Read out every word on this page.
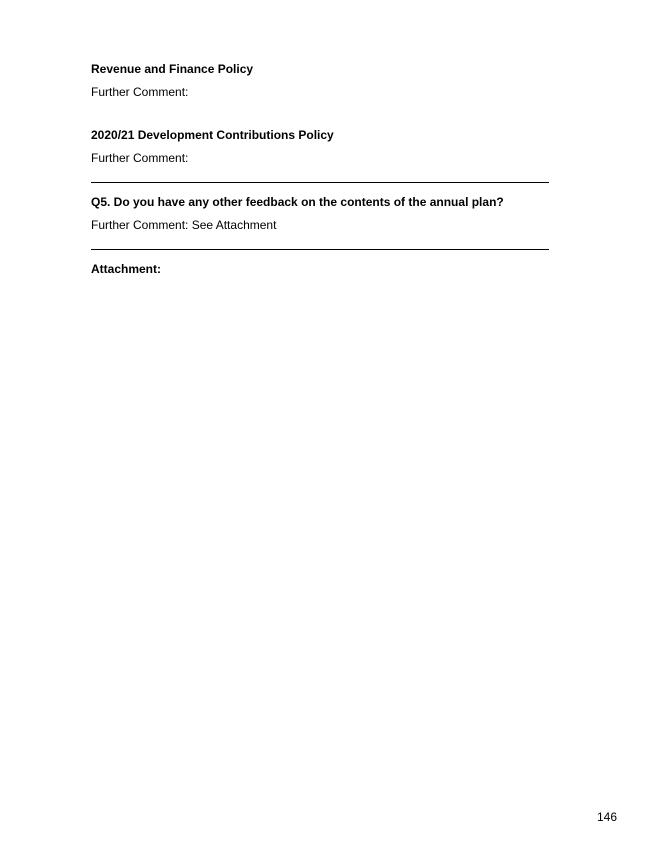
Revenue and Finance Policy

Further Comment:

2020/21 Development Contributions Policy

Further Comment:

Q5. Do you have any other feedback on the contents of the annual plan?

Further Comment: See Attachment

Attachment:

146
